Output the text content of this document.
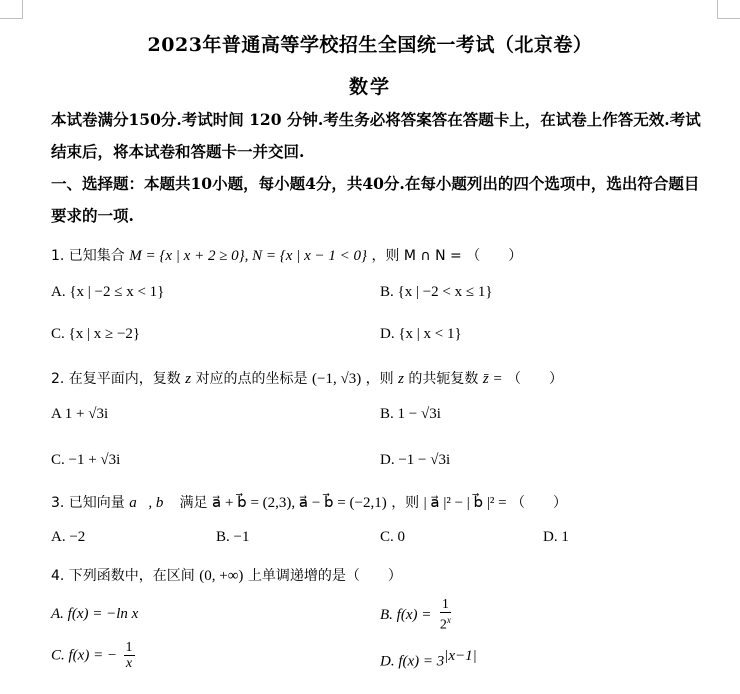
2023年普通高等学校招生全国统一考试（北京卷）
数学

本试卷满分150分.考试时间 120 分钟.考生务必将答案答在答题卡上，在试卷上作答无效.考试结束后，将本试卷和答题卡一并交回.

一、选择题：本题共10小题，每小题4分，共40分.在每小题列出的四个选项中，选出符合题目要求的一项.

1. 已知集合 M = {x | x + 2 ≥ 0}, N = {x | x − 1 < 0} ，则 M ∩ N = （　　）
A. {x | −2 ≤ x < 1}	B. {x | −2 < x ≤ 1}
C. {x | x ≥ −2}	D. {x | x < 1}
2. 在复平面内，复数 z 对应的点的坐标是 (−1, √3) ，则 z 的共轭复数 z̄ = （　　）
A 1 + √3i	B. 1 − √3i
C. −1 + √3i	D. −1 − √3i
3. 已知向量 a⃗, b⃗ 满足 a⃗ + b⃗ = (2,3), a⃗ − b⃗ = (−2,1) ，则 | a⃗ |² − | b⃗ |² = （　　）
A. −2	B. −1	C. 0	D. 1
4. 下列函数中，在区间 (0, +∞) 上单调递增的是（　　）
A. f(x) = −ln x	B. $f(x) = \frac{1}{2^x}$
C. f(x) = − $\frac{1}{x}$	D. $f(x) = 3^{|x-1|}$
